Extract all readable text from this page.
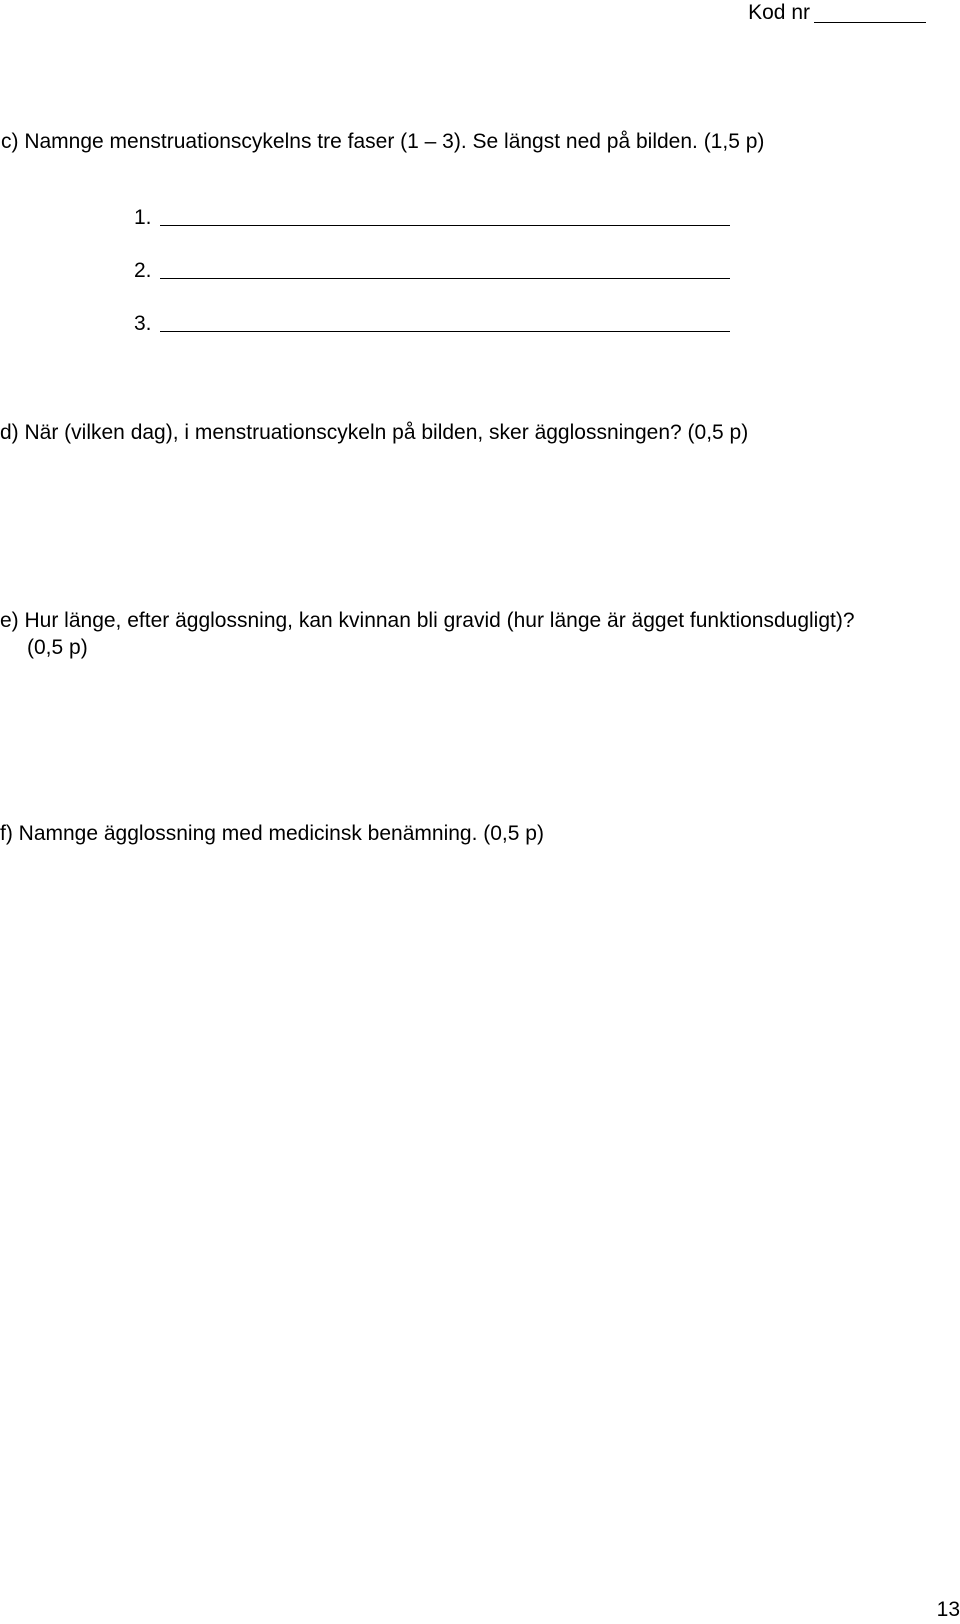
Kod nr
c) Namnge menstruationscykelns tre faser (1 – 3). Se längst ned på bilden. (1,5 p)
1.
2.
3.
d) När (vilken dag), i menstruationscykeln på bilden, sker ägglossningen? (0,5 p)
e) Hur länge, efter ägglossning, kan kvinnan bli gravid (hur länge är ägget funktionsdugligt)?
(0,5 p)
f) Namnge ägglossning med medicinsk benämning. (0,5 p)
13
